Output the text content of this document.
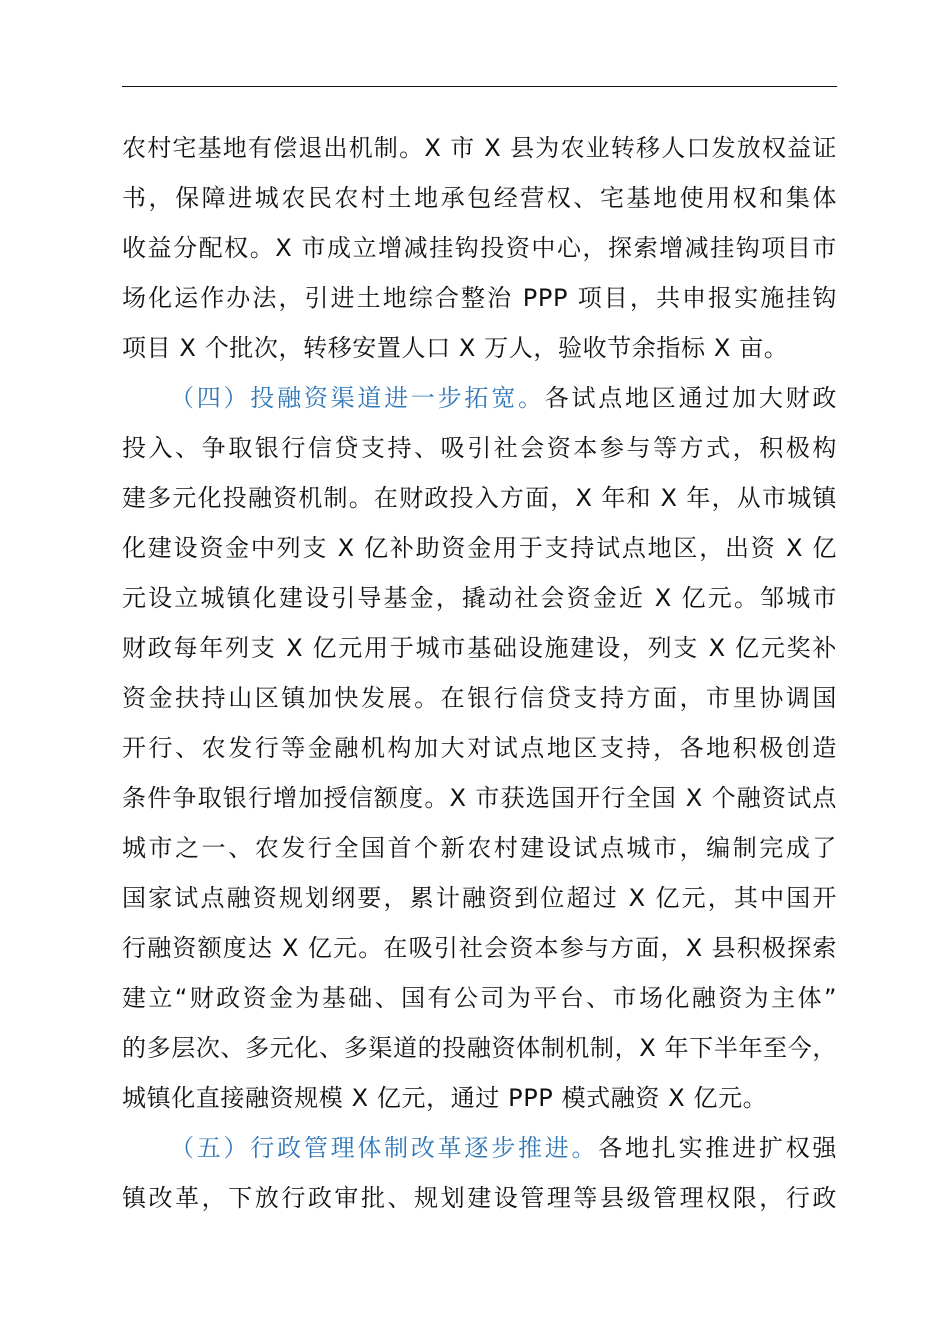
农村宅基地有偿退出机制。X 市 X 县为农业转移人口发放权益证
书，保障进城农民农村土地承包经营权、宅基地使用权和集体
收益分配权。X 市成立增减挂钩投资中心，探索增减挂钩项目市
场化运作办法，引进土地综合整治 PPP 项目，共申报实施挂钩
项目 X 个批次，转移安置人口 X 万人，验收节余指标 X 亩。
（四）投融资渠道进一步拓宽。各试点地区通过加大财政
投入、争取银行信贷支持、吸引社会资本参与等方式，积极构
建多元化投融资机制。在财政投入方面，X 年和 X 年，从市城镇
化建设资金中列支 X 亿补助资金用于支持试点地区，出资 X 亿
元设立城镇化建设引导基金，撬动社会资金近 X 亿元。邹城市
财政每年列支 X 亿元用于城市基础设施建设，列支 X 亿元奖补
资金扶持山区镇加快发展。在银行信贷支持方面，市里协调国
开行、农发行等金融机构加大对试点地区支持，各地积极创造
条件争取银行增加授信额度。X 市获选国开行全国 X 个融资试点
城市之一、农发行全国首个新农村建设试点城市，编制完成了
国家试点融资规划纲要，累计融资到位超过 X 亿元，其中国开
行融资额度达 X 亿元。在吸引社会资本参与方面，X 县积极探索
建立“财政资金为基础、国有公司为平台、市场化融资为主体”
的多层次、多元化、多渠道的投融资体制机制，X 年下半年至今，
城镇化直接融资规模 X 亿元，通过 PPP 模式融资 X 亿元。
（五）行政管理体制改革逐步推进。各地扎实推进扩权强
镇改革，下放行政审批、规划建设管理等县级管理权限，行政
